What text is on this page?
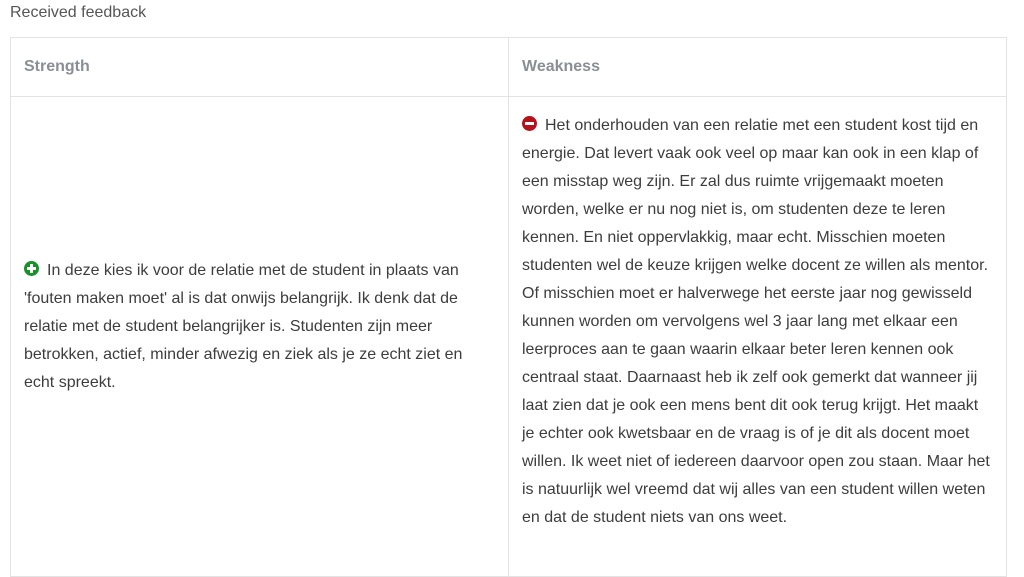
Received feedback
Strength	Weakness
In deze kies ik voor de relatie met de student in plaats van 'fouten maken moet' al is dat onwijs belangrijk. Ik denk dat de relatie met de student belangrijker is. Studenten zijn meer betrokken, actief, minder afwezig en ziek als je ze echt ziet en echt spreekt.
Het onderhouden van een relatie met een student kost tijd en energie. Dat levert vaak ook veel op maar kan ook in een klap of een misstap weg zijn. Er zal dus ruimte vrijgemaakt moeten worden, welke er nu nog niet is, om studenten deze te leren kennen. En niet oppervlakkig, maar echt. Misschien moeten studenten wel de keuze krijgen welke docent ze willen als mentor. Of misschien moet er halverwege het eerste jaar nog gewisseld kunnen worden om vervolgens wel 3 jaar lang met elkaar een leerproces aan te gaan waarin elkaar beter leren kennen ook centraal staat. Daarnaast heb ik zelf ook gemerkt dat wanneer jij laat zien dat je ook een mens bent dit ook terug krijgt. Het maakt je echter ook kwetsbaar en de vraag is of je dit als docent moet willen. Ik weet niet of iedereen daarvoor open zou staan. Maar het is natuurlijk wel vreemd dat wij alles van een student willen weten en dat de student niets van ons weet.
